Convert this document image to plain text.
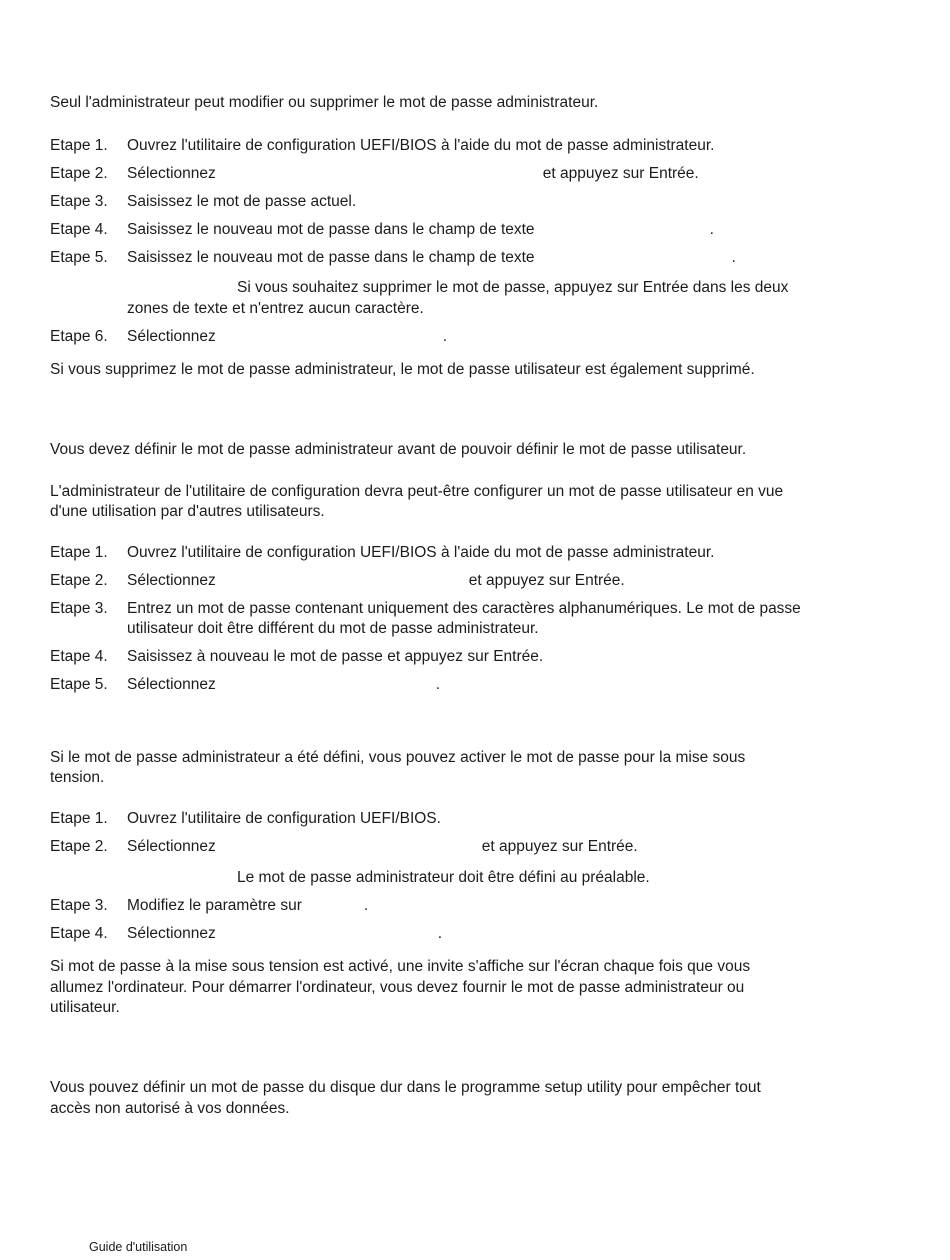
Seul l'administrateur peut modifier ou supprimer le mot de passe administrateur.

Etape 1.	Ouvrez l'utilitaire de configuration UEFI/BIOS à l'aide du mot de passe administrateur.
Etape 2.	Sélectionnez	et appuyez sur Entrée.
Etape 3.	Saisissez le mot de passe actuel.
Etape 4.	Saisissez le nouveau mot de passe dans le champ de texte	.
Etape 5.	Saisissez le nouveau mot de passe dans le champ de texte	.
Si vous souhaitez supprimer le mot de passe, appuyez sur Entrée dans les deux
zones de texte et n'entrez aucun caractère.
Etape 6.	Sélectionnez	.

Si vous supprimez le mot de passe administrateur, le mot de passe utilisateur est également supprimé.

Vous devez définir le mot de passe administrateur avant de pouvoir définir le mot de passe utilisateur.

L'administrateur de l'utilitaire de configuration devra peut-être configurer un mot de passe utilisateur en vue
d'une utilisation par d'autres utilisateurs.
Etape 1.	Ouvrez l'utilitaire de configuration UEFI/BIOS à l'aide du mot de passe administrateur.
Etape 2.	Sélectionnez	et appuyez sur Entrée.
Etape 3.	Entrez un mot de passe contenant uniquement des caractères alphanumériques. Le mot de passe
utilisateur doit être différent du mot de passe administrateur.
Etape 4.	Saisissez à nouveau le mot de passe et appuyez sur Entrée.
Etape 5.	Sélectionnez	.
Si le mot de passe administrateur a été défini, vous pouvez activer le mot de passe pour la mise sous
tension.
Etape 1.	Ouvrez l'utilitaire de configuration UEFI/BIOS.
Etape 2.	Sélectionnez	et appuyez sur Entrée.
Le mot de passe administrateur doit être défini au préalable.
Etape 3.	Modifiez le paramètre sur	.
Etape 4.	Sélectionnez	.
Si mot de passe à la mise sous tension est activé, une invite s'affiche sur l'écran chaque fois que vous
allumez l'ordinateur. Pour démarrer l'ordinateur, vous devez fournir le mot de passe administrateur ou
utilisateur.
Vous pouvez définir un mot de passe du disque dur dans le programme setup utility pour empêcher tout
accès non autorisé à vos données.
Guide d'utilisation
